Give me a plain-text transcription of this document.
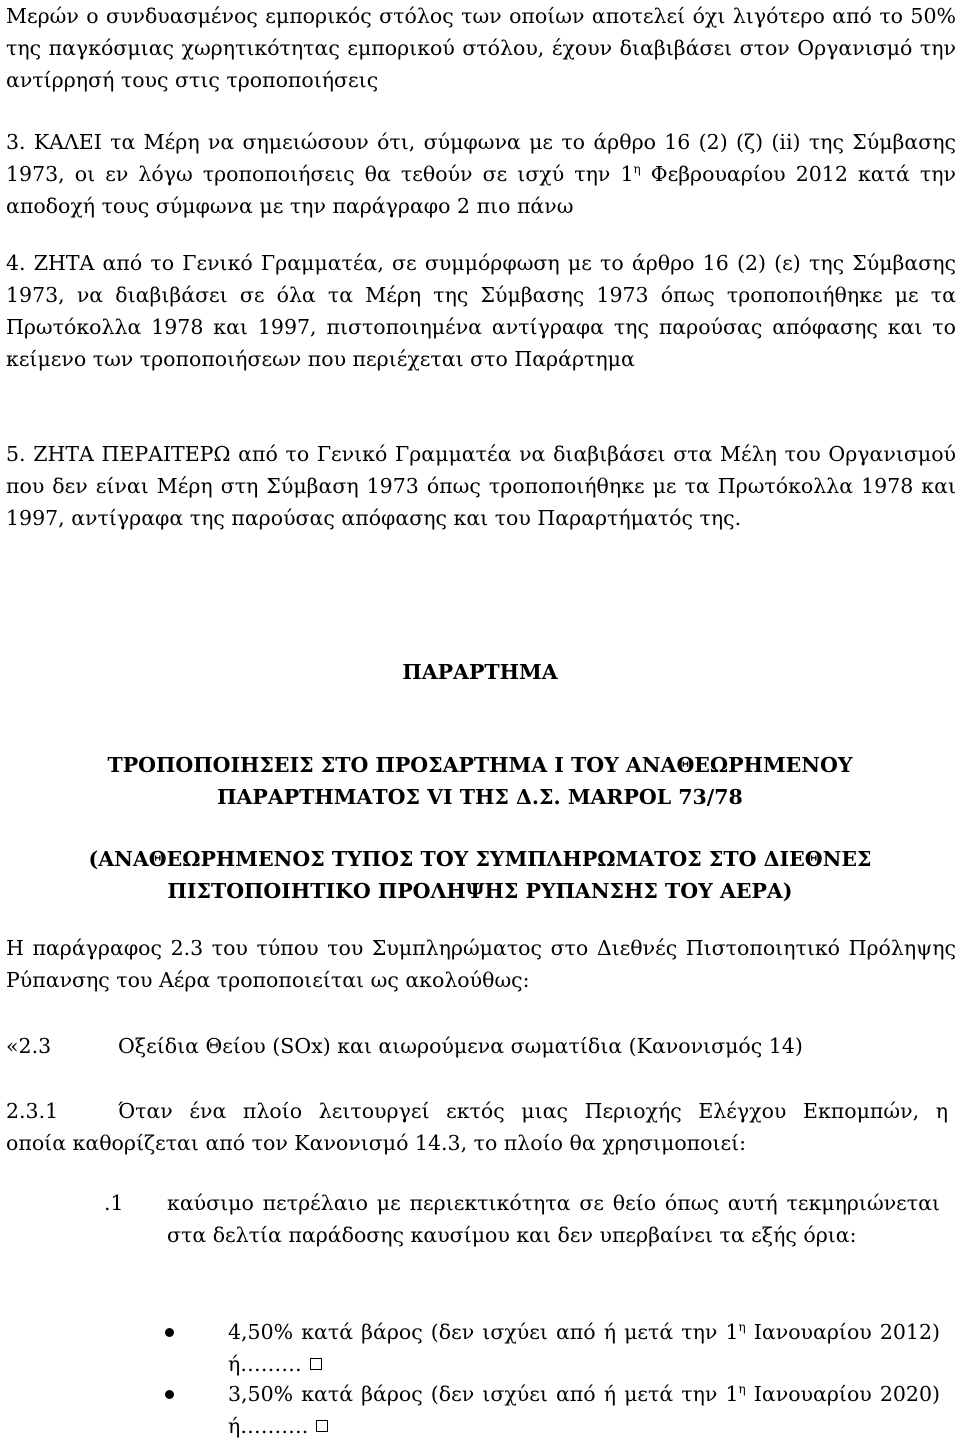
Μερών ο συνδυασμένος εμπορικός στόλος των οποίων αποτελεί όχι λιγότερο από το 50% της παγκόσμιας χωρητικότητας εμπορικού στόλου, έχουν διαβιβάσει στον Οργανισμό την αντίρρησή τους στις τροποποιήσεις
3. ΚΑΛΕΙ τα Μέρη να σημειώσουν ότι, σύμφωνα με το άρθρο 16 (2) (ζ) (ii) της Σύμβασης 1973, οι εν λόγω τροποποιήσεις θα τεθούν σε ισχύ την $1^\eta$ Φεβρουαρίου 2012 κατά την αποδοχή τους σύμφωνα με την παράγραφο 2 πιο πάνω
4. ΖΗΤΑ από το Γενικό Γραμματέα, σε συμμόρφωση με το άρθρο 16 (2) (ε) της Σύμβασης 1973, να διαβιβάσει σε όλα τα Μέρη της Σύμβασης 1973 όπως τροποποιήθηκε με τα Πρωτόκολλα 1978 και 1997, πιστοποιημένα αντίγραφα της παρούσας απόφασης και το κείμενο των τροποποιήσεων που περιέχεται στο Παράρτημα
5. ΖΗΤΑ ΠΕΡΑΙΤΕΡΩ από το Γενικό Γραμματέα να διαβιβάσει στα Μέλη του Οργανισμού που δεν είναι Μέρη στη Σύμβαση 1973 όπως τροποποιήθηκε με τα Πρωτόκολλα 1978 και 1997, αντίγραφα της παρούσας απόφασης και του Παραρτήματός της.
ΠΑΡΑΡΤΗΜΑ
ΤΡΟΠΟΠΟΙΗΣΕΙΣ ΣΤΟ ΠΡΟΣΑΡΤΗΜΑ Ι ΤΟΥ ΑΝΑΘΕΩΡΗΜΕΝΟΥ
ΠΑΡΑΡΤΗΜΑΤΟΣ VI ΤΗΣ Δ.Σ. MARPOL 73/78
(ΑΝΑΘΕΩΡΗΜΕΝΟΣ ΤΥΠΟΣ ΤΟΥ ΣΥΜΠΛΗΡΩΜΑΤΟΣ ΣΤΟ ΔΙΕΘΝΕΣ
ΠΙΣΤΟΠΟΙΗΤΙΚΟ ΠΡΟΛΗΨΗΣ ΡΥΠΑΝΣΗΣ ΤΟΥ ΑΕΡΑ)
Η παράγραφος 2.3 του τύπου του Συμπληρώματος στο Διεθνές Πιστοποιητικό Πρόληψης Ρύπανσης του Αέρα τροποποιείται ως ακολούθως:
«2.3	Οξείδια Θείου (SOx) και αιωρούμενα σωματίδια (Κανονισμός 14)
2.3.1	Όταν ένα πλοίο λειτουργεί εκτός μιας Περιοχής Ελέγχου Εκπομπών, η
οποία καθορίζεται από τον Κανονισμό 14.3, το πλοίο θα χρησιμοποιεί:
.1 καύσιμο πετρέλαιο με περιεκτικότητα σε θείο όπως αυτή τεκμηριώνεται στα δελτία παράδοσης καυσίμου και δεν υπερβαίνει τα εξής όρια:
4,50% κατά βάρος (δεν ισχύει από ή μετά την $1^\eta$ Ιανουαρίου 2012) ή………
3,50% κατά βάρος (δεν ισχύει από ή μετά την $1^\eta$ Ιανουαρίου 2020) ή……….
